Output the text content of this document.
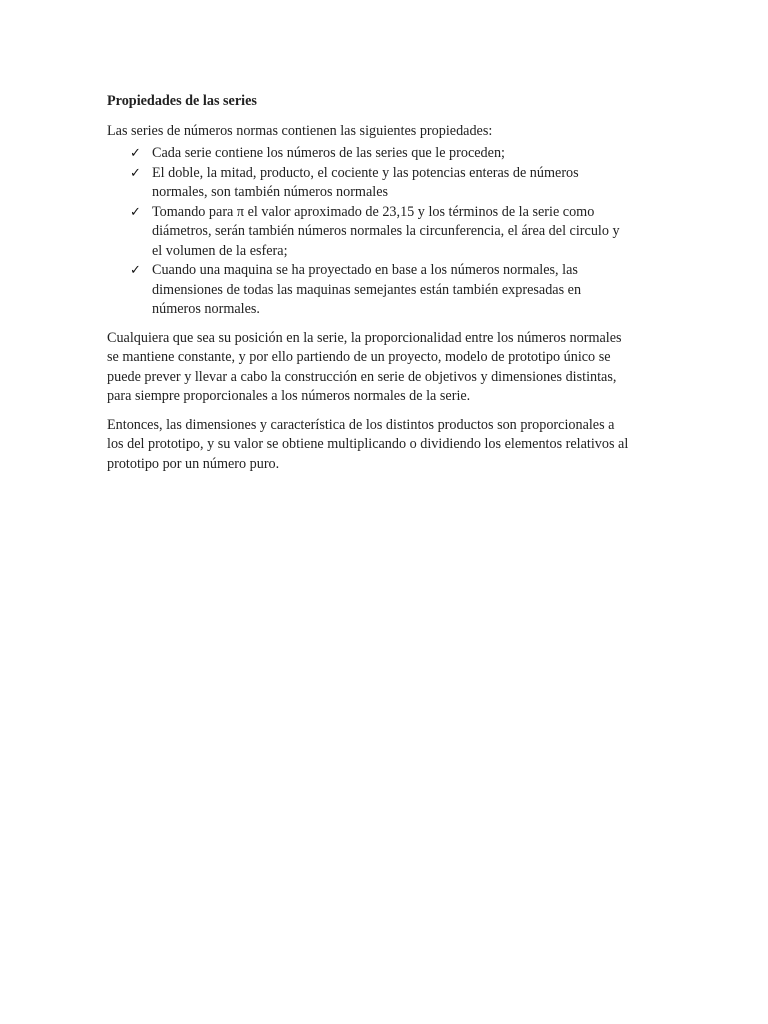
Propiedades de las series
Las series de números normas contienen las siguientes propiedades:
✓ Cada serie contiene los números de las series que le proceden;
✓ El doble, la mitad, producto, el cociente y las potencias enteras de números
normales, son también números normales
✓ Tomando para π el valor aproximado de 23,15 y los términos de la serie como
diámetros, serán también números normales la circunferencia, el área del circulo y
el volumen de la esfera;
✓ Cuando una maquina se ha proyectado en base a los números normales, las
dimensiones de todas las maquinas semejantes están también expresadas en
números normales.

Cualquiera que sea su posición en la serie, la proporcionalidad entre los números normales
se mantiene constante, y por ello partiendo de un proyecto, modelo de prototipo único se
puede prever y llevar a cabo la construcción en serie de objetivos y dimensiones distintas,
para siempre proporcionales a los números normales de la serie.

Entonces, las dimensiones y característica de los distintos productos son proporcionales a
los del prototipo, y su valor se obtiene multiplicando o dividiendo los elementos relativos al
prototipo por un número puro.
